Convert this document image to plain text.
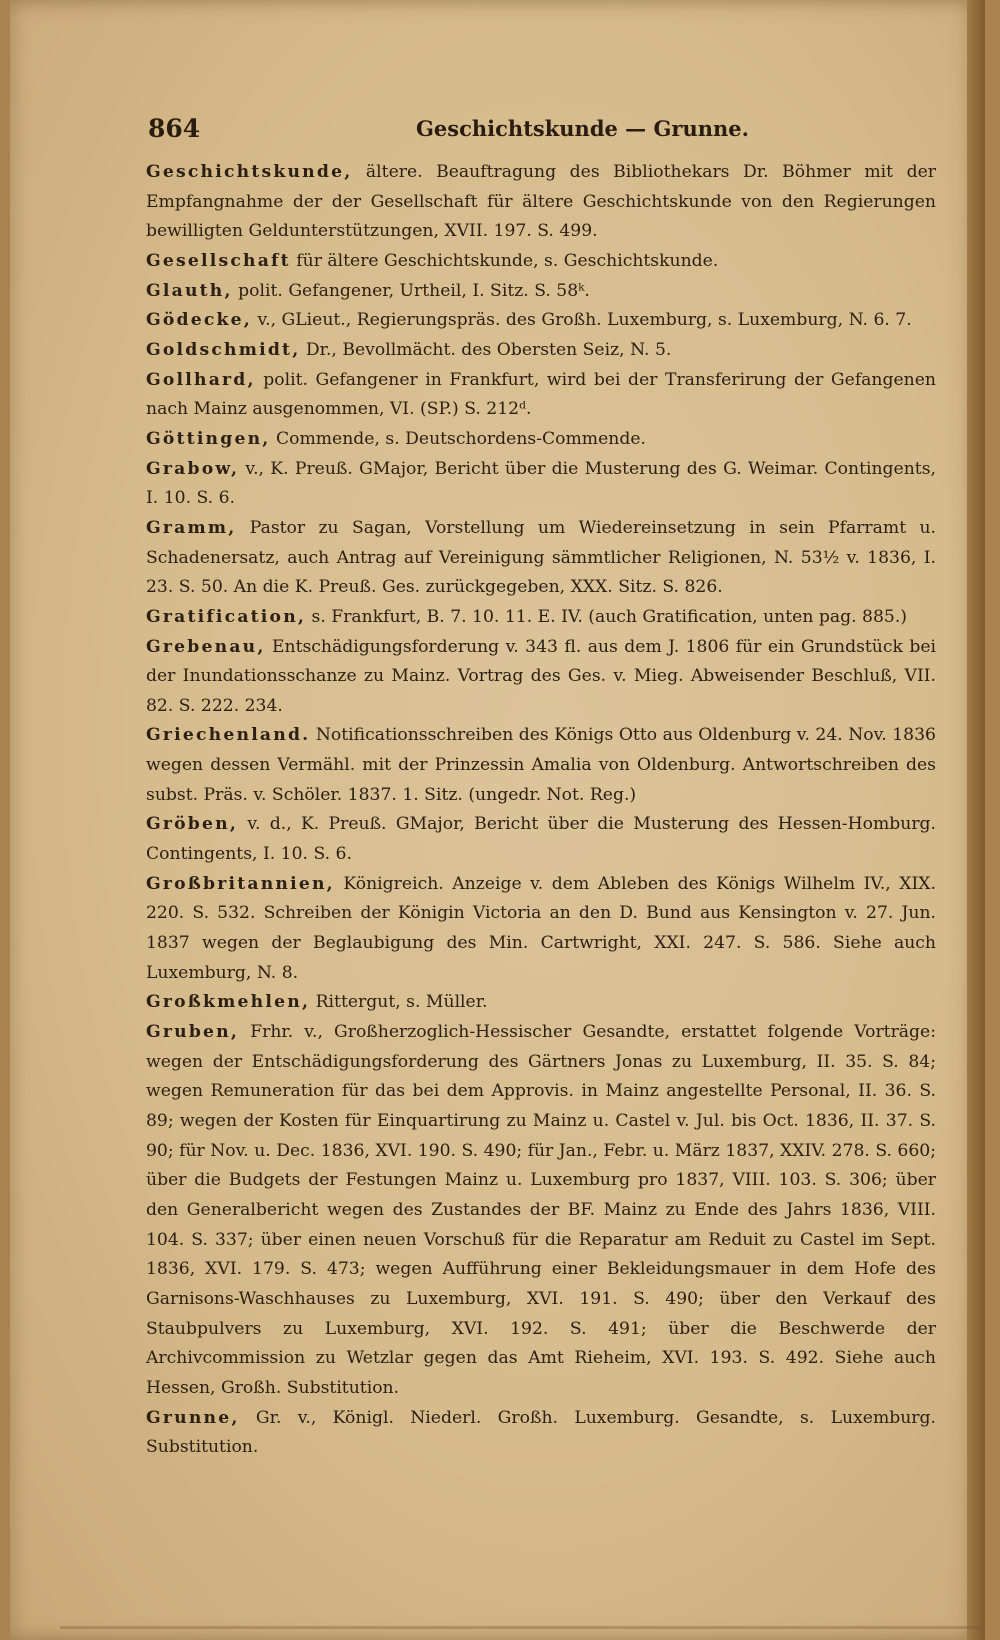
864	Geschichtskunde — Grunne.

Geschichtskunde, ältere. Beauftragung des Bibliothekars Dr. Böhmer mit der Empfangnahme der der Gesellschaft für ältere Geschichtskunde von den Regierungen bewilligten Geldunterstützungen, XVII. 197. S. 499.

Gesellschaft für ältere Geschichtskunde, s. Geschichtskunde.

Glauth, polit. Gefangener, Urtheil, I. Sitz. S. 58ᵏ.

Gödecke, v., GLieut., Regierungspräs. des Großh. Luxemburg, s. Luxemburg, N. 6. 7.

Goldschmidt, Dr., Bevollmächt. des Obersten Seiz, N. 5.

Gollhard, polit. Gefangener in Frankfurt, wird bei der Transferirung der Gefangenen nach Mainz ausgenommen, VI. (SP.) S. 212ᵈ.

Göttingen, Commende, s. Deutschordens-Commende.

Grabow, v., K. Preuß. GMajor, Bericht über die Musterung des G. Weimar. Contingents, I. 10. S. 6.

Gramm, Pastor zu Sagan, Vorstellung um Wiedereinsetzung in sein Pfarramt u. Schadenersatz, auch Antrag auf Vereinigung sämmtlicher Religionen, N. 53½ v. 1836, I. 23. S. 50. An die K. Preuß. Ges. zurückgegeben, XXX. Sitz. S. 826.

Gratification, s. Frankfurt, B. 7. 10. 11. E. IV. (auch Gratification, unten pag. 885.)

Grebenau, Entschädigungsforderung v. 343 fl. aus dem J. 1806 für ein Grundstück bei der Inundationsschanze zu Mainz. Vortrag des Ges. v. Mieg. Abweisender Beschluß, VII. 82. S. 222. 234.

Griechenland. Notificationsschreiben des Königs Otto aus Oldenburg v. 24. Nov. 1836 wegen dessen Vermähl. mit der Prinzessin Amalia von Oldenburg. Antwortschreiben des subst. Präs. v. Schöler. 1837. 1. Sitz. (ungedr. Not. Reg.)

Gröben, v. d., K. Preuß. GMajor, Bericht über die Musterung des Hessen-Homburg. Contingents, I. 10. S. 6.

Großbritannien, Königreich. Anzeige v. dem Ableben des Königs Wilhelm IV., XIX. 220. S. 532. Schreiben der Königin Victoria an den D. Bund aus Kensington v. 27. Jun. 1837 wegen der Beglaubigung des Min. Cartwright, XXI. 247. S. 586. Siehe auch Luxemburg, N. 8.

Großkmehlen, Rittergut, s. Müller.

Gruben, Frhr. v., Großherzoglich-Hessischer Gesandte, erstattet folgende Vorträge: wegen der Entschädigungsforderung des Gärtners Jonas zu Luxemburg, II. 35. S. 84; wegen Remuneration für das bei dem Approvis. in Mainz angestellte Personal, II. 36. S. 89; wegen der Kosten für Einquartirung zu Mainz u. Castel v. Jul. bis Oct. 1836, II. 37. S. 90; für Nov. u. Dec. 1836, XVI. 190. S. 490; für Jan., Febr. u. März 1837, XXIV. 278. S. 660; über die Budgets der Festungen Mainz u. Luxemburg pro 1837, VIII. 103. S. 306; über den Generalbericht wegen des Zustandes der BF. Mainz zu Ende des Jahrs 1836, VIII. 104. S. 337; über einen neuen Vorschuß für die Reparatur am Reduit zu Castel im Sept. 1836, XVI. 179. S. 473; wegen Aufführung einer Bekleidungsmauer in dem Hofe des Garnisons-Waschhauses zu Luxemburg, XVI. 191. S. 490; über den Verkauf des Staubpulvers zu Luxemburg, XVI. 192. S. 491; über die Beschwerde der Archivcommission zu Wetzlar gegen das Amt Rieheim, XVI. 193. S. 492. Siehe auch Hessen, Großh. Substitution.

Grunne, Gr. v., Königl. Niederl. Großh. Luxemburg. Gesandte, s. Luxemburg. Substitution.
